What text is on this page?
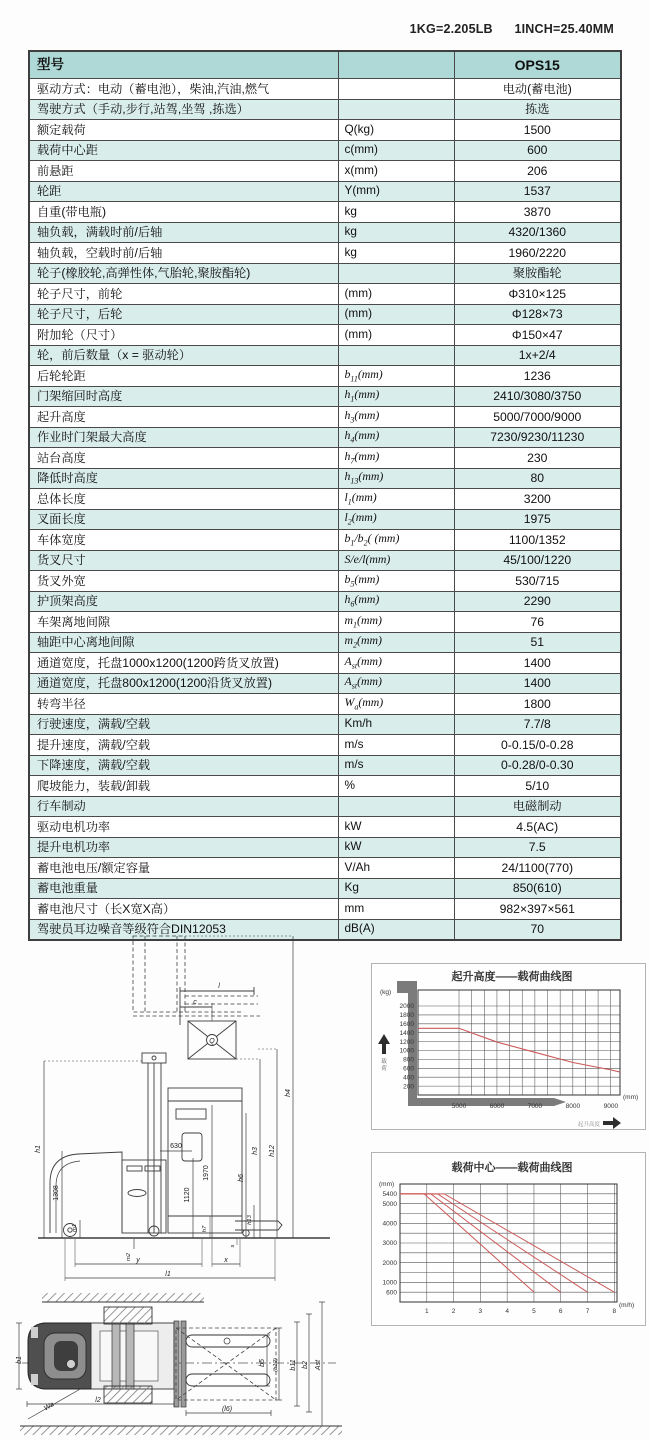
1KG=2.205LB 1INCH=25.40MM
型号		OPS15
驱动方式：电动（蓄电池），柴油,汽油,燃气		电动(蓄电池)
驾驶方式（手动,步行,站驾,坐驾 ,拣选）		拣选
额定载荷	Q(kg)	1500
载荷中心距	c(mm)	600
前悬距	x(mm)	206
轮距	Y(mm)	1537
自重(带电瓶)	kg	3870
轴负载，满载时前/后轴	kg	4320/1360
轴负载，空载时前/后轴	kg	1960/2220
轮子(橡胶轮,高弹性体,气胎轮,聚胺酯轮)		聚胺酯轮
轮子尺寸，前轮	(mm)	Φ310×125
轮子尺寸，后轮	(mm)	Φ128×73
附加轮（尺寸）	(mm)	Φ150×47
轮，前后数量（x = 驱动轮）		1x+2/4
后轮轮距	$b_{11}(mm)$	1236
门架缩回时高度	$h_1(mm)$	2410/3080/3750
起升高度	$h_3(mm)$	5000/7000/9000
作业时门架最大高度	$h_4(mm)$	7230/9230/11230
站台高度	$h_7(mm)$	230
降低时高度	$h_{13}(mm)$	80
总体长度	$l_1(mm)$	3200
叉面长度	$l_2(mm)$	1975
车体宽度	$b_1/b_2$( (mm)	1100/1352
货叉尺寸	S/e/l(mm)	45/100/1220
货叉外宽	$b_5(mm)$	530/715
护顶架高度	$h_6(mm)$	2290
车架离地间隙	$m_1(mm)$	76
轴距中心离地间隙	$m_2(mm)$	51
通道宽度，托盘1000x1200(1200跨货叉放置)	$A_{st}(mm)$	1400
通道宽度，托盘800x1200(1200沿货叉放置)	$A_{st}(mm)$	1400
转弯半径	$W_a(mm)$	1800
行驶速度，满载/空载	Km/h	7.7/8
提升速度，满载/空载	m/s	0-0.15/0-0.28
下降速度，满载/空载	m/s	0-0.28/0-0.30
爬坡能力，装载/卸载	%	5/10
行车制动		电磁制动
驱动电机功率	kW	4.5(AC)
提升电机功率	kW	7.5
蓄电池电压/额定容量	V/Ah	24/1100(770)
蓄电池重量	Kg	850(610)
蓄电池尺寸（长X宽X高）	mm	982×397×561
驾驶员耳边噪音等级符合DIN12053	dB(A)	70
h1
1308
m1
m2 y	x
l1
630
1120
1970	h6
h3 h12
h4
h13
h7
s
l
c
Q
起升高度——载荷曲线图
(kg)
(mm)
200
400
600
800
1000
1200
1400
1600
1800
2000
5000	6000	7000	8000	9000
载
荷
起升高度
载荷中心——载荷曲线图
(mm)
(m/h)
5400
5000
4000
3000
2000
1000
600
1	2	3	4	5	6	7	8
b1
Wa
l2
(l6)
b5 (b12) b11 b2 Ast
